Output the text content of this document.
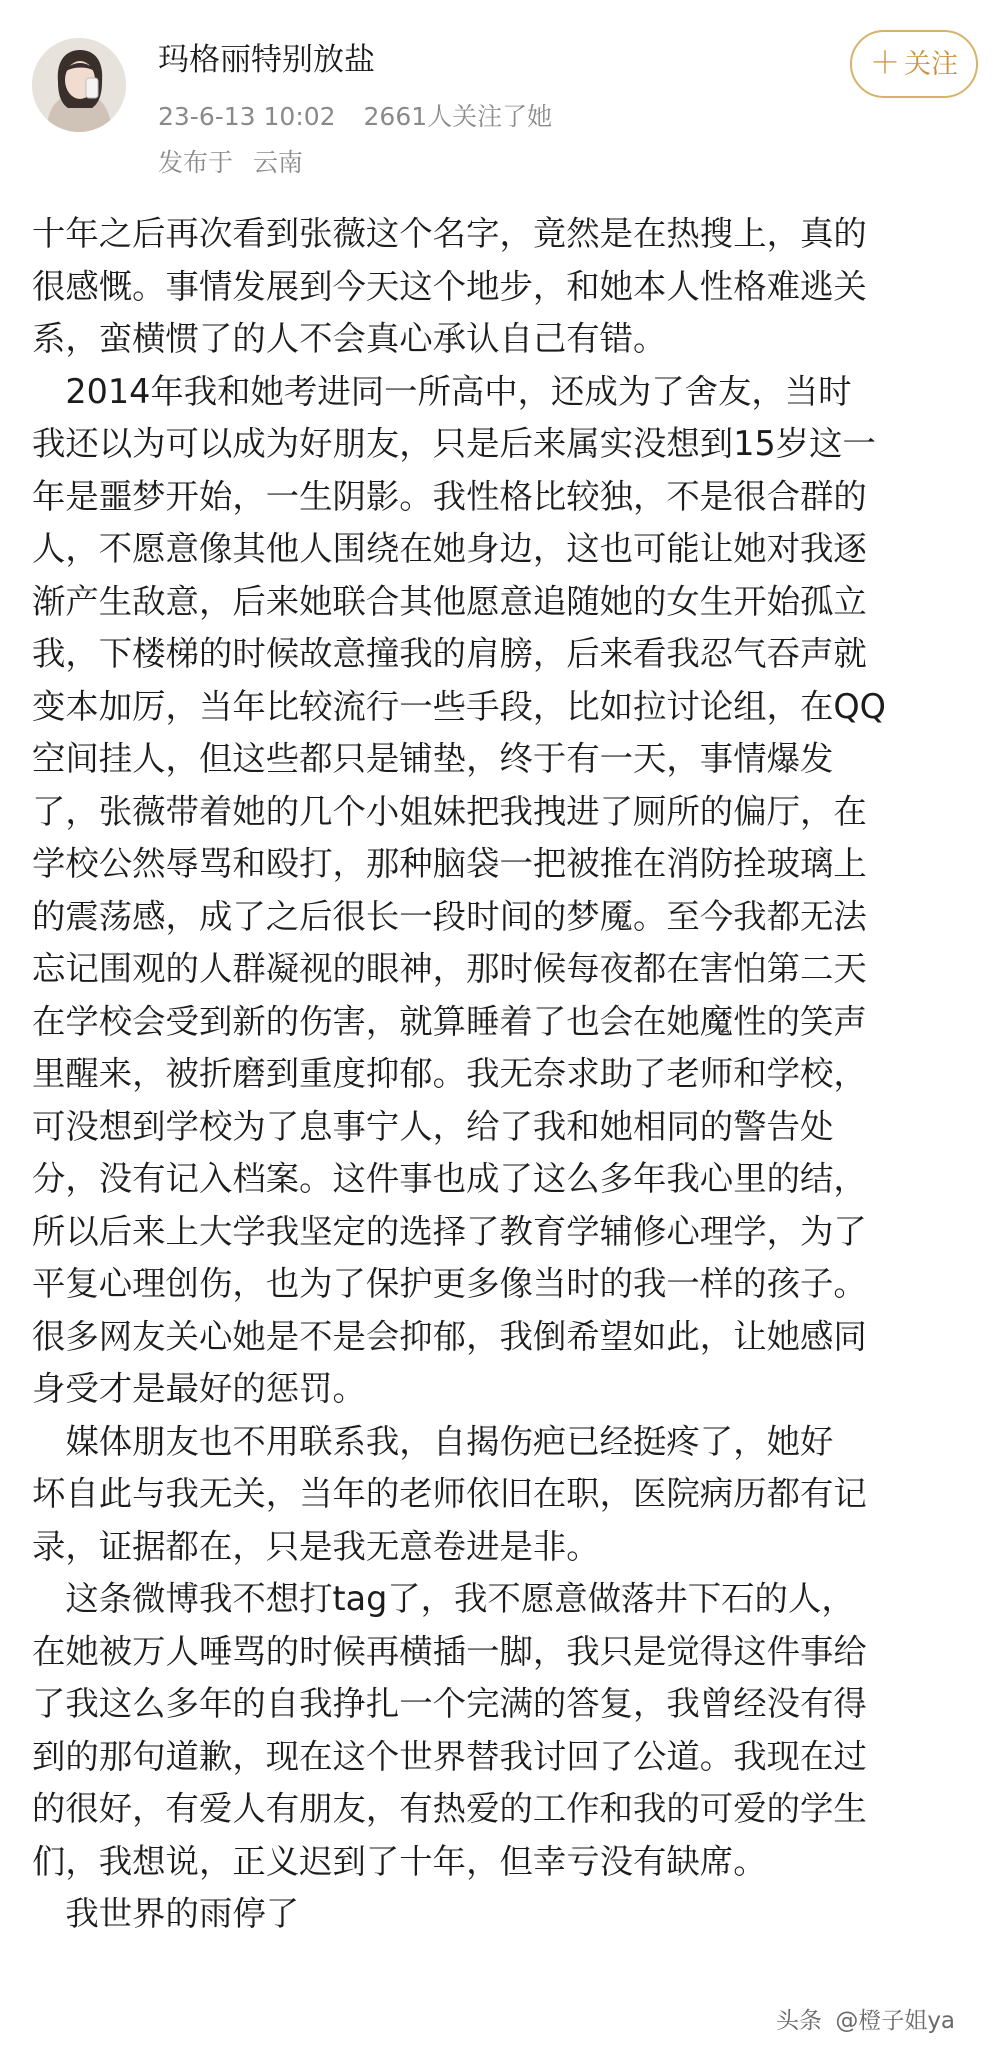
玛格丽特别放盐
23-6-13 10:02 2661人关注了她
发布于 云南
＋ 关注
十年之后再次看到张薇这个名字，竟然是在热搜上，真的
很感慨。事情发展到今天这个地步，和她本人性格难逃关
系，蛮横惯了的人不会真心承认自己有错。
　2014年我和她考进同一所高中，还成为了舍友，当时
我还以为可以成为好朋友，只是后来属实没想到15岁这一
年是噩梦开始，一生阴影。我性格比较独，不是很合群的
人，不愿意像其他人围绕在她身边，这也可能让她对我逐
渐产生敌意，后来她联合其他愿意追随她的女生开始孤立
我，下楼梯的时候故意撞我的肩膀，后来看我忍气吞声就
变本加厉，当年比较流行一些手段，比如拉讨论组，在QQ
空间挂人，但这些都只是铺垫，终于有一天，事情爆发
了，张薇带着她的几个小姐妹把我拽进了厕所的偏厅，在
学校公然辱骂和殴打，那种脑袋一把被推在消防拴玻璃上
的震荡感，成了之后很长一段时间的梦魇。至今我都无法
忘记围观的人群凝视的眼神，那时候每夜都在害怕第二天
在学校会受到新的伤害，就算睡着了也会在她魔性的笑声
里醒来，被折磨到重度抑郁。我无奈求助了老师和学校，
可没想到学校为了息事宁人，给了我和她相同的警告处
分，没有记入档案。这件事也成了这么多年我心里的结，
所以后来上大学我坚定的选择了教育学辅修心理学，为了
平复心理创伤，也为了保护更多像当时的我一样的孩子。
很多网友关心她是不是会抑郁，我倒希望如此，让她感同
身受才是最好的惩罚。
　媒体朋友也不用联系我，自揭伤疤已经挺疼了，她好
坏自此与我无关，当年的老师依旧在职，医院病历都有记
录，证据都在，只是我无意卷进是非。
　这条微博我不想打tag了，我不愿意做落井下石的人，
在她被万人唾骂的时候再横插一脚，我只是觉得这件事给
了我这么多年的自我挣扎一个完满的答复，我曾经没有得
到的那句道歉，现在这个世界替我讨回了公道。我现在过
的很好，有爱人有朋友，有热爱的工作和我的可爱的学生
们，我想说，正义迟到了十年，但幸亏没有缺席。
　我世界的雨停了
头条 @橙子姐ya
